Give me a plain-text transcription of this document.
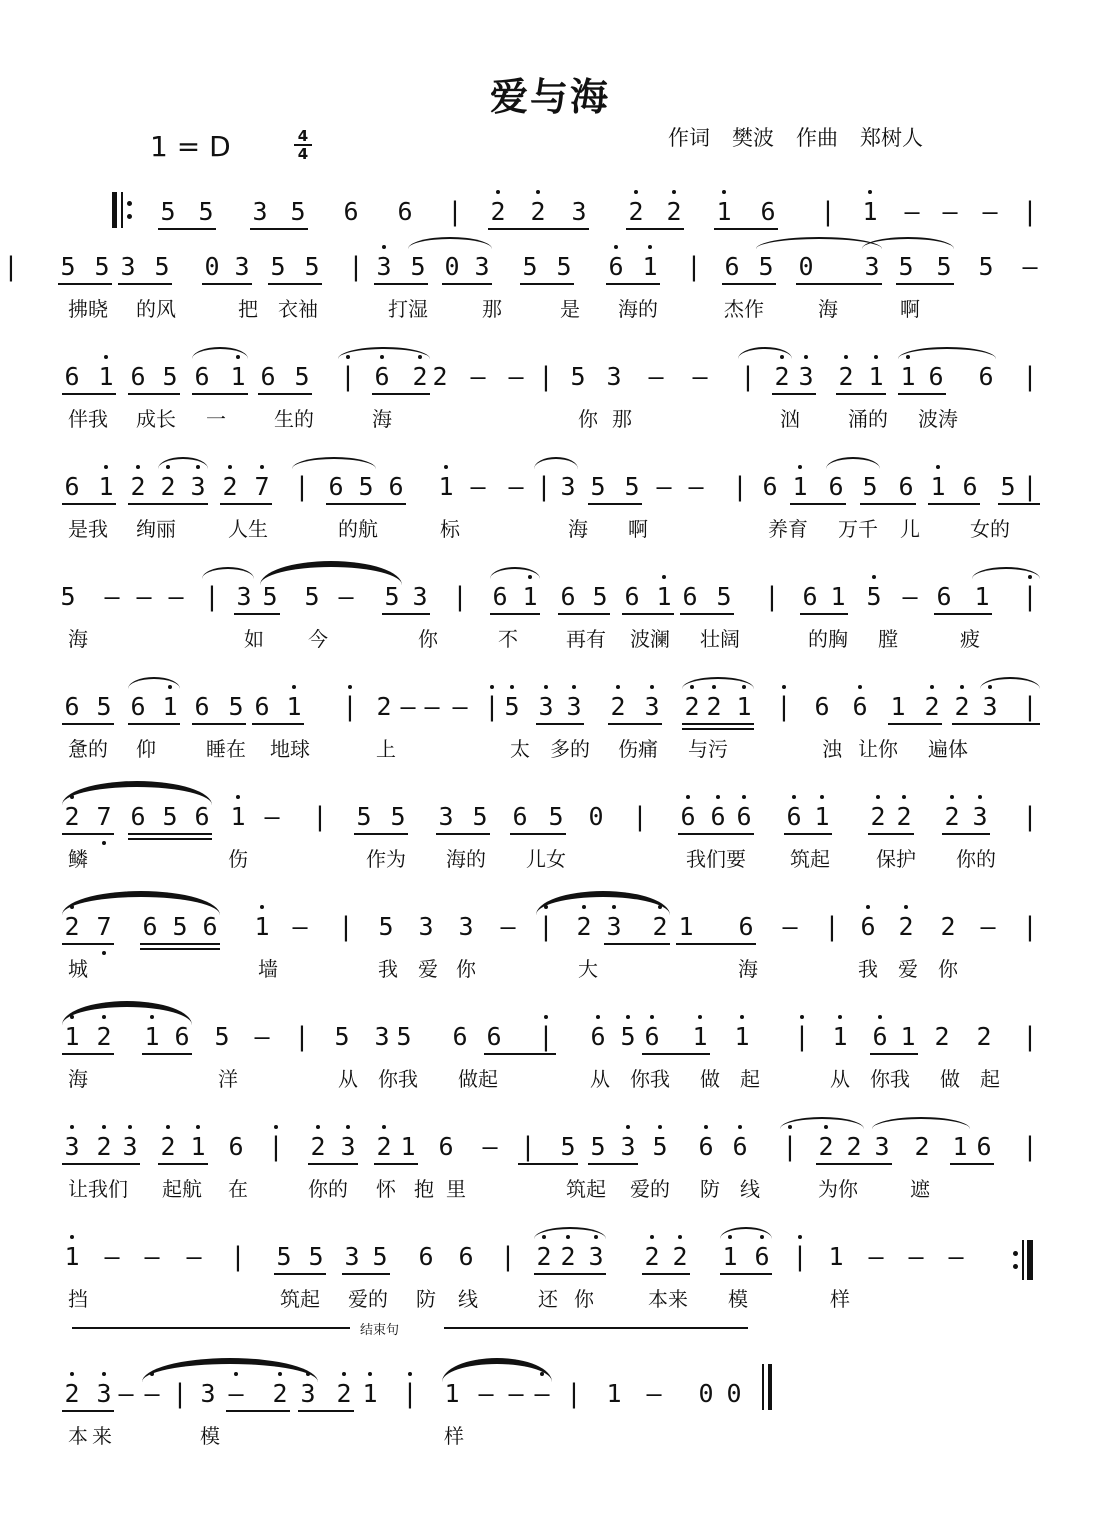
爱与海
1 = D	4
4
作词 樊波 作曲 郑树人
结束句
5 5 3 5 6 6 | 2 2 3 2 2 1 6 | 1 – – – |
5 5 3 5 0 3 5 5 | 3 5 0 3 5 5 6 1 | 6 5 0 3 5 5 5 –
|
拂晓 的风	把 衣袖	打湿	那	是 海的	杰作	海	啊
6 1 6 5 6 1 6 5 | 6 2 2 – – | 5 3 – – | 2 3 2 1 1 6 6 |
伴我 成长 一 生的	海	你 那	汹 涌的 波涛
6 1 2 2 3 2 7 | 6 5 6 1 – – | 3 5 5 – – | 6 1 6 5 6 1 6 5 |
是我 绚丽	人生	的航	标	海 啊	养育 万千 儿	女的
5 – – – | 3 5 5 – 5 3 | 6 1 6 5 6 1 6 5 | 6 1 5 – 6 1 |
海	如 今	你	不 再有 波澜 壮阔	的胸 膛	疲
6 5 6 1 6 5 6 1 | 2 – – – | 5 3 3 2 3 2 2 1 | 6 6 1 2 2 3 |
惫的 仰	睡在 地球	上	太 多的 伤痛 与污	浊 让你 遍体
2 7 6 5 6 1 – | 5 5 3 5 6 5 0 | 6 6 6 6 1 2 2 2 3 |
鳞	伤	作为 海的 儿女	我们要 筑起 保护 你的
2 7 6 5 6 1 – | 5 3 3 – | 2 3 2 1 6 – | 6 2 2 – |
城	墙	我 爱 你	大	海	我 爱 你
1 2 1 6 5 – | 5 3 5 6 6 | 6 5 6 1 1 | 1 6 1 2 2 |
海	洋	从 你我 做起	从 你我 做 起	从 你我 做 起
3 2 3 2 1 6 | 2 3 2 1 6 – | 5 5 3 5 6 6 | 2 2 3 2 1 6 |
让我们 起航 在	你的 怀 抱 里	筑起 爱的 防 线	为你	遮
1 – – – | 5 5 3 5 6 6 | 2 2 3 2 2 1 6 | 1 – – –
挡	筑起 爱的 防 线	还 你	本来 模	样
2 3 – – | 3 – 2 3 2 1 | 1 – – – | 1 – 0 0
本 来	模	样
